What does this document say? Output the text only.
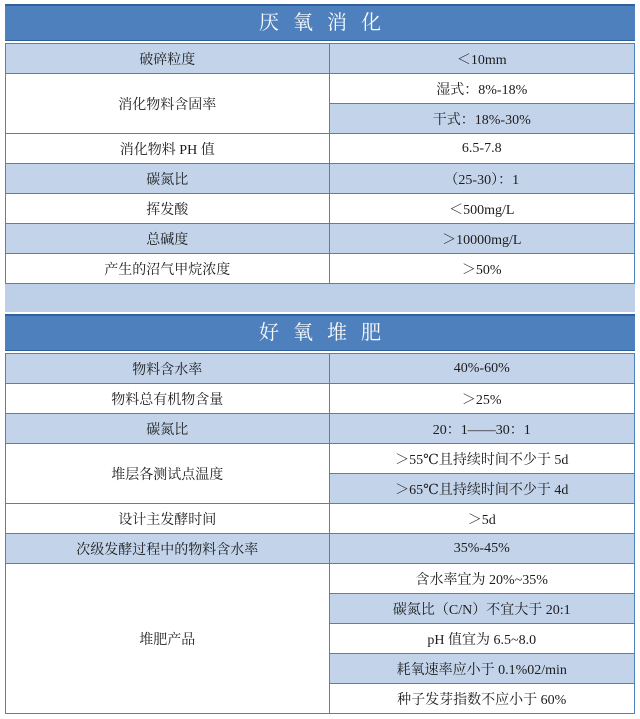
厌氧消化
破碎粒度	＜10mm
消化物料含固率	湿式：8%-18%
	干式：18%-30%
消化物料 PH 值	6.5-7.8
碳氮比	（25-30）：1
挥发酸	＜500mg/L
总碱度	＞10000mg/L
产生的沼气甲烷浓度	＞50%
好氧堆肥
物料含水率	40%-60%
物料总有机物含量	＞25%
碳氮比	20：1——30：1
堆层各测试点温度	＞55℃且持续时间不少于 5d
	＞65℃且持续时间不少于 4d
设计主发酵时间	＞5d
次级发酵过程中的物料含水率	35%-45%
堆肥产品	含水率宜为 20%~35%
	碳氮比（C/N）不宜大于 20:1
	pH 值宜为 6.5~8.0
	耗氧速率应小于 0.1%02/min
	种子发芽指数不应小于 60%
